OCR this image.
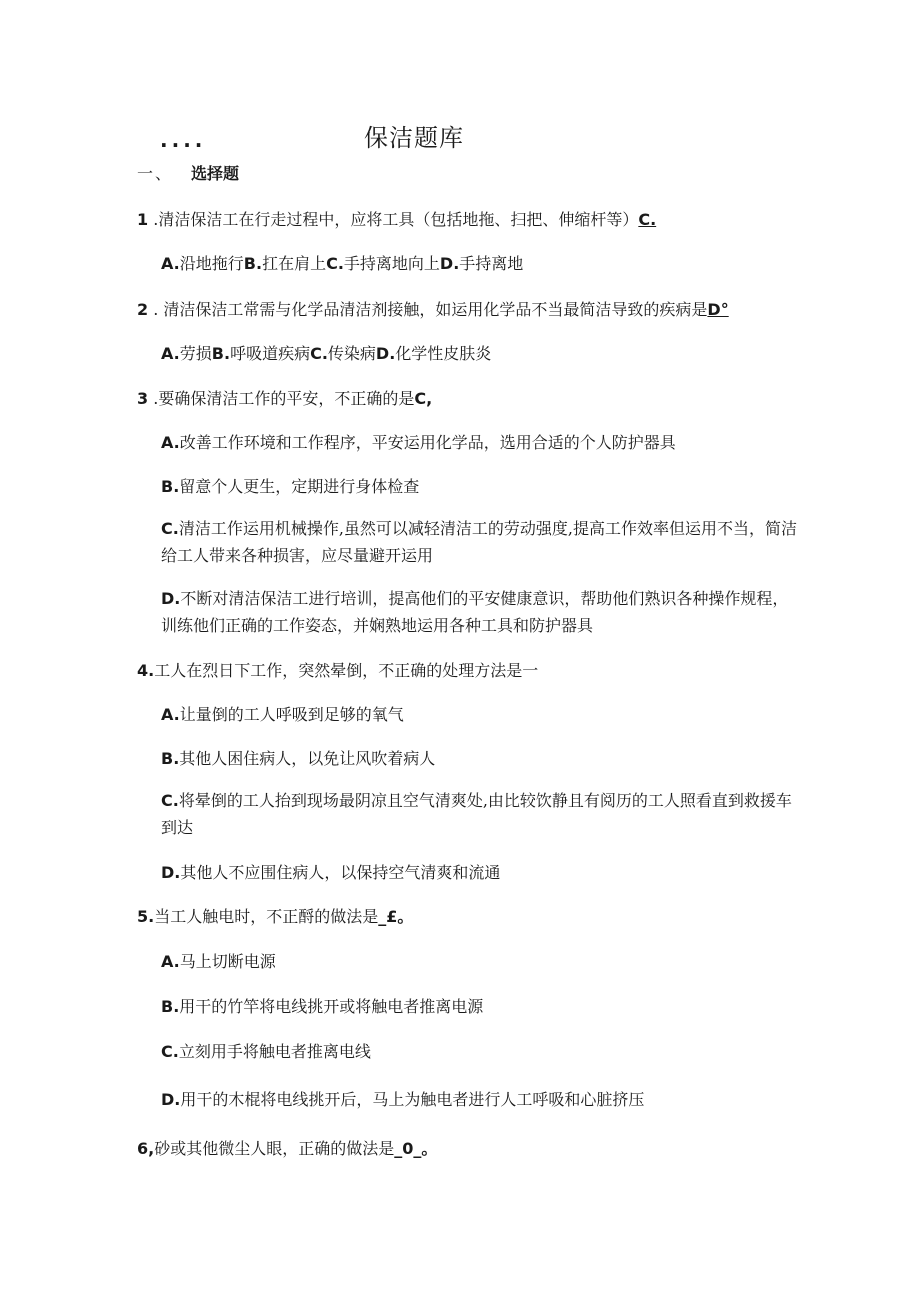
....	保洁题库
一、 选择题
1 .清洁保洁工在行走过程中，应将工具（包括地拖、扫把、伸缩杆等）C.
A.沿地拖行B.扛在肩上C.手持离地向上D.手持离地
2 . 清洁保洁工常需与化学品清洁剂接触，如运用化学品不当最简洁导致的疾病是D°
A.劳损B.呼吸道疾病C.传染病D.化学性皮肤炎
3 .要确保清洁工作的平安，不正确的是C,
A.改善工作环境和工作程序，平安运用化学品，选用合适的个人防护器具
B.留意个人更生，定期进行身体检查
C.清洁工作运用机械操作,虽然可以减轻清洁工的劳动强度,提高工作效率但运用不当，简洁给工人带来各种损害，应尽量避开运用
D.不断对清洁保洁工进行培训，提高他们的平安健康意识，帮助他们熟识各种操作规程，训练他们正确的工作姿态，并娴熟地运用各种工具和防护器具
4.工人在烈日下工作，突然晕倒，不正确的处理方法是一
A.让量倒的工人呼吸到足够的氧气
B.其他人困住病人，以免让风吹着病人
C.将晕倒的工人抬到现场最阴凉且空气清爽处,由比较饮静且有阅历的工人照看直到救援车到达
D.其他人不应围住病人，以保持空气清爽和流通
5.当工人触电时，不正酹的做法是_£。
A.马上切断电源
B.用干的竹竿将电线挑开或将触电者推离电源
C.立刻用手将触电者推离电线
D.用干的木棍将电线挑开后，马上为触电者进行人工呼吸和心脏挤压
6,砂或其他微尘人眼，正确的做法是_0_。
